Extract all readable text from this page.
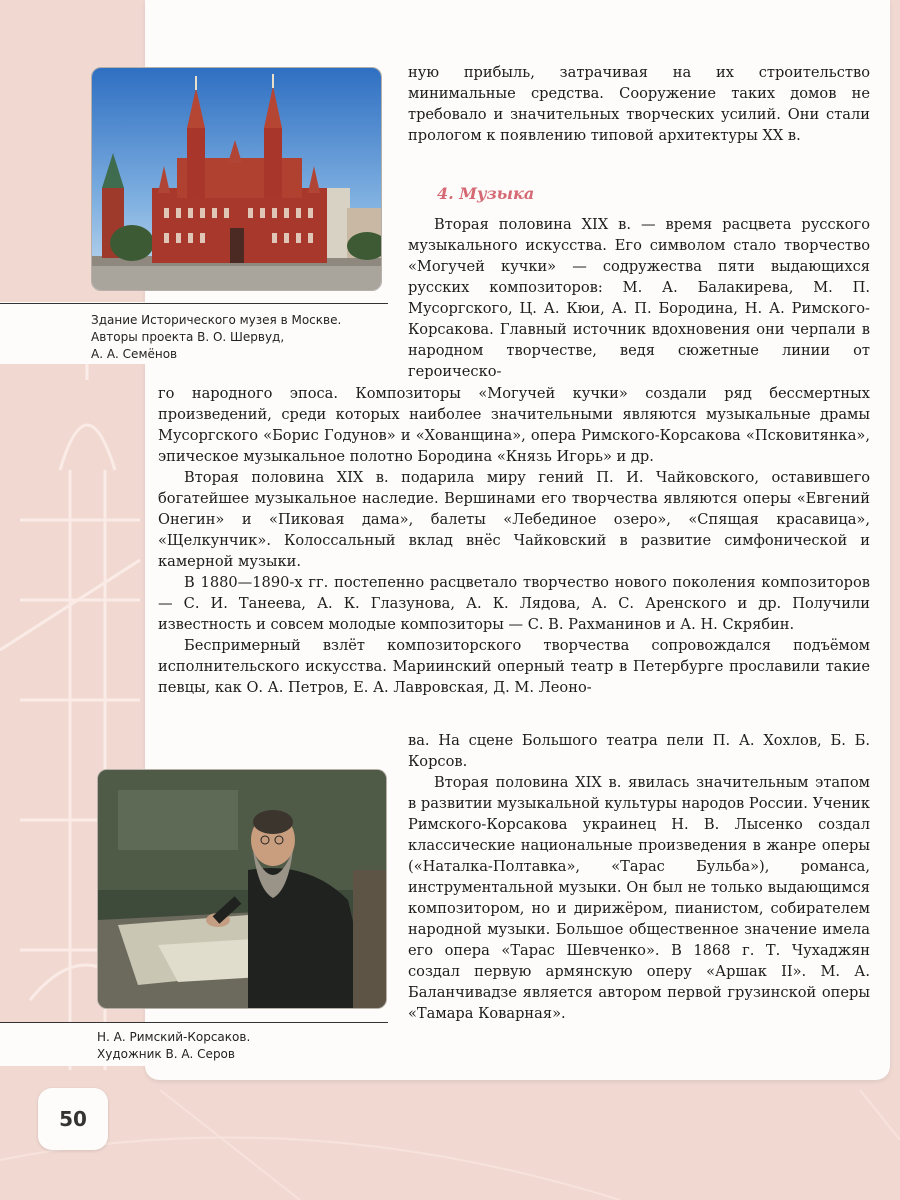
Здание Исторического музея в Москве.
Авторы проекта В. О. Шервуд,
А. А. Семёнов
Н. А. Римский-Корсаков.
Художник В. А. Серов

ную прибыль, затрачивая на их строительство минимальные средства. Сооружение таких домов не требовало и значительных творческих усилий. Они стали прологом к появлению типовой архитектуры XX в.

4. Музыка

Вторая половина XIX в. — время расцвета русского музыкального искусства. Его символом стало творчество «Могучей кучки» — содружества пяти выдающихся русских композиторов: М. А. Балакирева, М. П. Мусоргского, Ц. А. Кюи, А. П. Бородина, Н. А. Римского-Корсакова. Главный источник вдохновения они черпали в народном творчестве, ведя сюжетные линии от героическо-

го народного эпоса. Композиторы «Могучей кучки» создали ряд бессмертных произведений, среди которых наиболее значительными являются музыкальные драмы Мусоргского «Борис Годунов» и «Хованщина», опера Римского-Корсакова «Псковитянка», эпическое музыкальное полотно Бородина «Князь Игорь» и др.

Вторая половина XIX в. подарила миру гений П. И. Чайковского, оставившего богатейшее музыкальное наследие. Вершинами его творчества являются оперы «Евгений Онегин» и «Пиковая дама», балеты «Лебединое озеро», «Спящая красавица», «Щелкунчик». Колоссальный вклад внёс Чайковский в развитие симфонической и камерной музыки.

В 1880—1890-х гг. постепенно расцветало творчество нового поколения композиторов — С. И. Танеева, А. К. Глазунова, А. К. Лядова, А. С. Аренского и др. Получили известность и совсем молодые композиторы — С. В. Рахманинов и А. Н. Скрябин.

Беспримерный взлёт композиторского творчества сопровождался подъёмом исполнительского искусства. Мариинский оперный театр в Петербурге прославили такие певцы, как О. А. Петров, Е. А. Лавровская, Д. М. Леоно-

ва. На сцене Большого театра пели П. А. Хохлов, Б. Б. Корсов.

Вторая половина XIX в. явилась значительным этапом в развитии музыкальной культуры народов России. Ученик Римского-Корсакова украинец Н. В. Лысенко создал классические национальные произведения в жанре оперы («Наталка-Полтавка», «Тарас Бульба»), романса, инструментальной музыки. Он был не только выдающимся композитором, но и дирижёром, пианистом, собирателем народной музыки. Большое общественное значение имела его опера «Тарас Шевченко». В 1868 г. Т. Чухаджян создал первую армянскую оперу «Аршак II». М. А. Баланчивадзе является автором первой грузинской оперы «Тамара Коварная».

50
